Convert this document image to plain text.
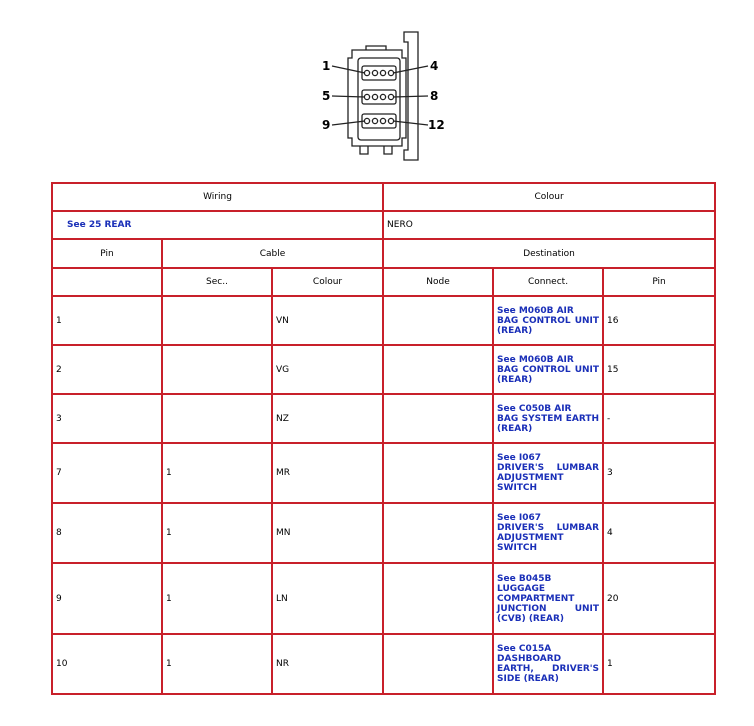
1	4
5	8
9	12
Wiring			Colour		
See 25 REAR			NERO		
Pin	Cable		Destination		
	Sec..	Colour	Node	Connect.	Pin
1		VN		See M060B AIR
BAG CONTROL UNIT (REAR)	16
2		VG		See M060B AIR
BAG CONTROL UNIT (REAR)	15
3		NZ		See C050B AIR
BAG SYSTEM EARTH (REAR)	-
7	1	MR		See I067
DRIVER'S LUMBAR ADJUSTMENT SWITCH	3
8	1	MN		See I067
DRIVER'S LUMBAR ADJUSTMENT SWITCH	4
9	1	LN		See B045B
LUGGAGE COMPARTMENT JUNCTION UNIT (CVB) (REAR)	20
10	1	NR		See C015A
DASHBOARD EARTH, DRIVER'S SIDE (REAR)	1
